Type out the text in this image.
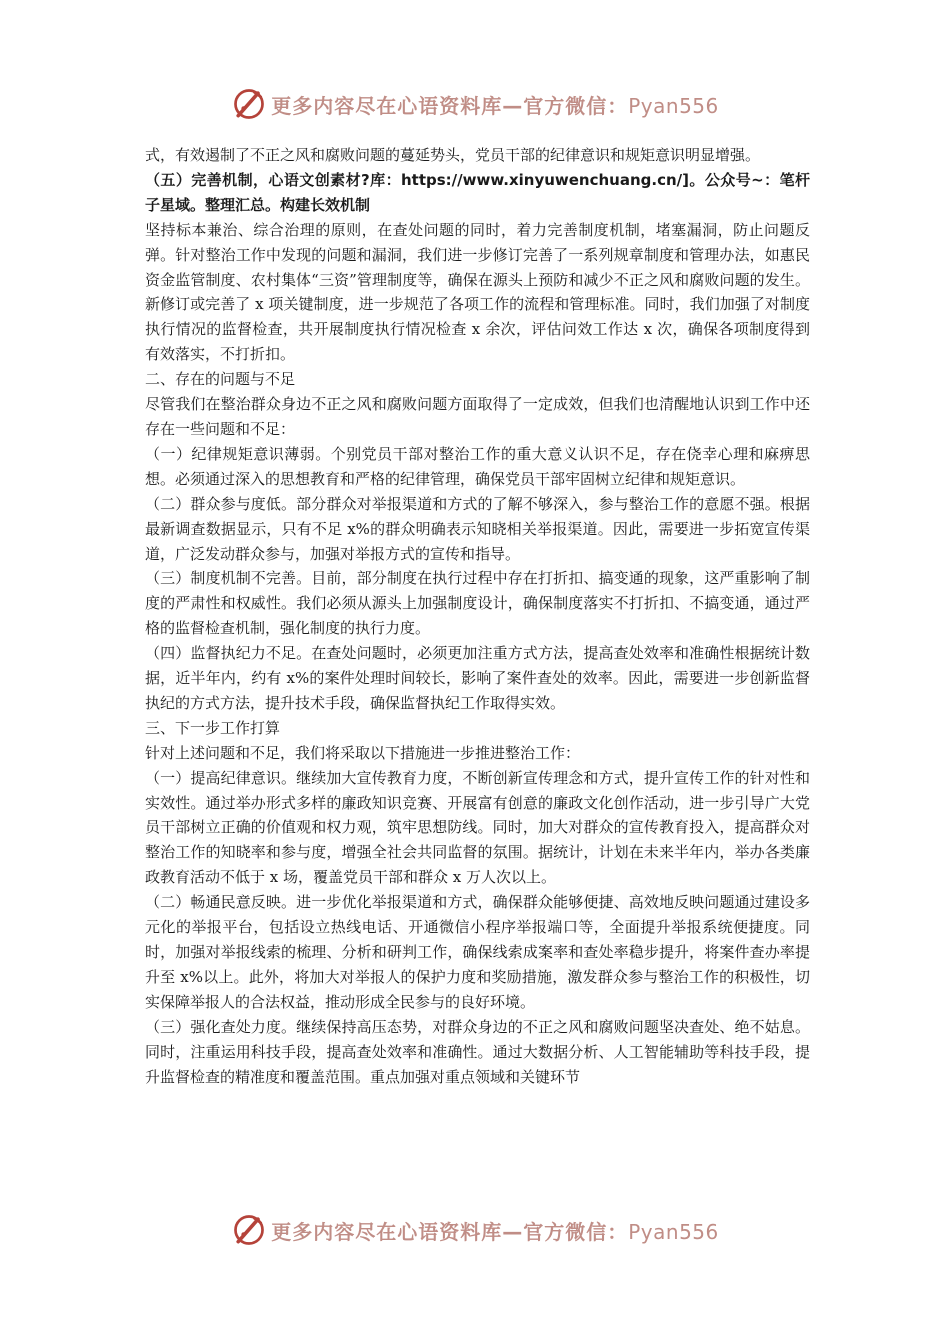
更多内容尽在心语资料库—官方微信：Pyan556

式，有效遏制了不正之风和腐败问题的蔓延势头，党员干部的纪律意识和规矩意识明显增强。

（五）完善机制，心语文创素材?库：https://www.xinyuwenchuang.cn/]。公众号~：笔杆子星域。整理汇总。构建长效机制

坚持标本兼治、综合治理的原则，在查处问题的同时，着力完善制度机制，堵塞漏洞，防止问题反弹。针对整治工作中发现的问题和漏洞，我们进一步修订完善了一系列规章制度和管理办法，如惠民资金监管制度、农村集体“三资”管理制度等，确保在源头上预防和减少不正之风和腐败问题的发生。新修订或完善了 x 项关键制度，进一步规范了各项工作的流程和管理标准。同时，我们加强了对制度执行情况的监督检查，共开展制度执行情况检查 x 余次，评估问效工作达 x 次，确保各项制度得到有效落实，不打折扣。

二、存在的问题与不足

尽管我们在整治群众身边不正之风和腐败问题方面取得了一定成效，但我们也清醒地认识到工作中还存在一些问题和不足：

（一）纪律规矩意识薄弱。个别党员干部对整治工作的重大意义认识不足，存在侥幸心理和麻痹思想。必须通过深入的思想教育和严格的纪律管理，确保党员干部牢固树立纪律和规矩意识。

（二）群众参与度低。部分群众对举报渠道和方式的了解不够深入，参与整治工作的意愿不强。根据最新调查数据显示，只有不足 x%的群众明确表示知晓相关举报渠道。因此，需要进一步拓宽宣传渠道，广泛发动群众参与，加强对举报方式的宣传和指导。

（三）制度机制不完善。目前，部分制度在执行过程中存在打折扣、搞变通的现象，这严重影响了制度的严肃性和权威性。我们必须从源头上加强制度设计，确保制度落实不打折扣、不搞变通，通过严格的监督检查机制，强化制度的执行力度。

（四）监督执纪力不足。在查处问题时，必须更加注重方式方法，提高查处效率和准确性根据统计数据，近半年内，约有 x%的案件处理时间较长，影响了案件查处的效率。因此，需要进一步创新监督执纪的方式方法，提升技术手段，确保监督执纪工作取得实效。

三、下一步工作打算

针对上述问题和不足，我们将采取以下措施进一步推进整治工作：

（一）提高纪律意识。继续加大宣传教育力度，不断创新宣传理念和方式，提升宣传工作的针对性和实效性。通过举办形式多样的廉政知识竞赛、开展富有创意的廉政文化创作活动，进一步引导广大党员干部树立正确的价值观和权力观，筑牢思想防线。同时，加大对群众的宣传教育投入，提高群众对整治工作的知晓率和参与度，增强全社会共同监督的氛围。据统计，计划在未来半年内，举办各类廉政教育活动不低于 x 场，覆盖党员干部和群众 x 万人次以上。

（二）畅通民意反映。进一步优化举报渠道和方式，确保群众能够便捷、高效地反映问题通过建设多元化的举报平台，包括设立热线电话、开通微信小程序举报端口等，全面提升举报系统便捷度。同时，加强对举报线索的梳理、分析和研判工作，确保线索成案率和查处率稳步提升，将案件查办率提升至 x%以上。此外，将加大对举报人的保护力度和奖励措施，激发群众参与整治工作的积极性，切实保障举报人的合法权益，推动形成全民参与的良好环境。

（三）强化查处力度。继续保持高压态势，对群众身边的不正之风和腐败问题坚决查处、绝不姑息。同时，注重运用科技手段，提高查处效率和准确性。通过大数据分析、人工智能辅助等科技手段，提升监督检查的精准度和覆盖范围。重点加强对重点领域和关键环节

更多内容尽在心语资料库—官方微信：Pyan556
